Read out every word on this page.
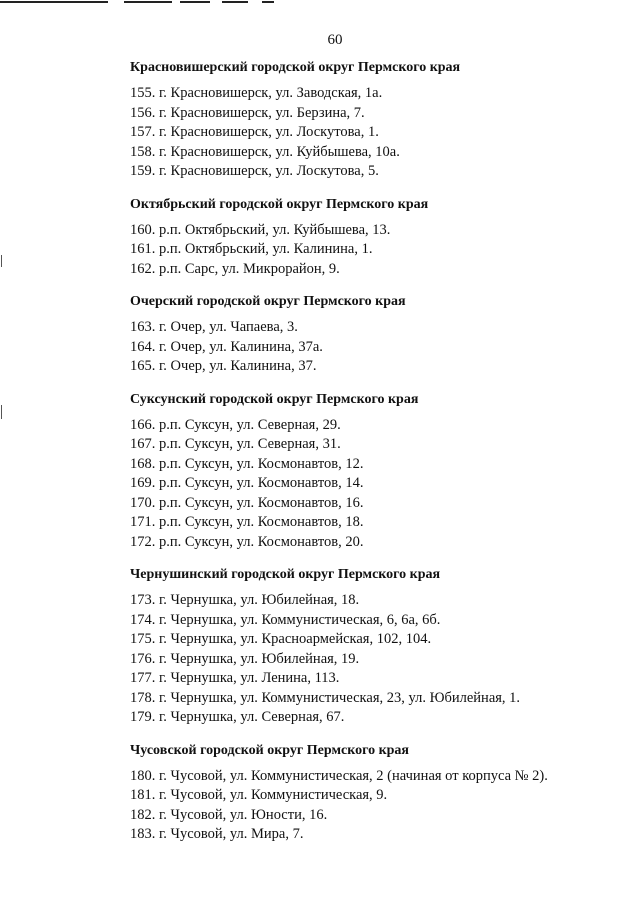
60
Красновишерский городской округ Пермского края
155. г. Красновишерск, ул. Заводская, 1а.
156. г. Красновишерск, ул. Берзина, 7.
157. г. Красновишерск, ул. Лоскутова, 1.
158. г. Красновишерск, ул. Куйбышева, 10а.
159. г. Красновишерск, ул. Лоскутова, 5.
Октябрьский городской округ Пермского края
160. р.п. Октябрьский, ул. Куйбышева, 13.
161. р.п. Октябрьский, ул. Калинина, 1.
162. р.п. Сарс, ул. Микрорайон, 9.
Очерский городской округ Пермского края
163. г. Очер, ул. Чапаева, 3.
164. г. Очер, ул. Калинина, 37а.
165. г. Очер, ул. Калинина, 37.
Суксунский городской округ Пермского края
166. р.п. Суксун, ул. Северная, 29.
167. р.п. Суксун, ул. Северная, 31.
168. р.п. Суксун, ул. Космонавтов, 12.
169. р.п. Суксун, ул. Космонавтов, 14.
170. р.п. Суксун, ул. Космонавтов, 16.
171. р.п. Суксун, ул. Космонавтов, 18.
172. р.п. Суксун, ул. Космонавтов, 20.
Чернушинский городской округ Пермского края
173. г. Чернушка, ул. Юбилейная, 18.
174. г. Чернушка, ул. Коммунистическая, 6, 6а, 6б.
175. г. Чернушка, ул. Красноармейская, 102, 104.
176. г. Чернушка, ул. Юбилейная, 19.
177. г. Чернушка, ул. Ленина, 113.
178. г. Чернушка, ул. Коммунистическая, 23, ул. Юбилейная, 1.
179. г. Чернушка, ул. Северная, 67.
Чусовской городской округ Пермского края
180. г. Чусовой, ул. Коммунистическая, 2 (начиная от корпуса № 2).
181. г. Чусовой, ул. Коммунистическая, 9.
182. г. Чусовой, ул. Юности, 16.
183. г. Чусовой, ул. Мира, 7.
